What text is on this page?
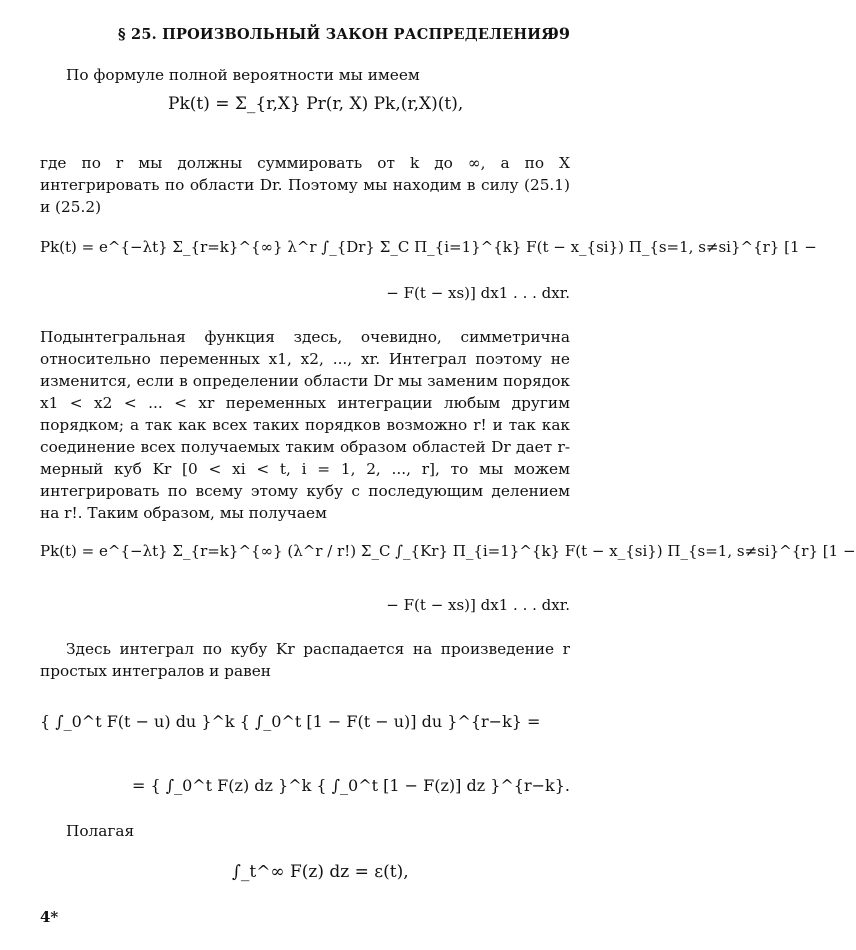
§ 25. ПРОИЗВОЛЬНЫЙ ЗАКОН РАСПРЕДЕЛЕНИЯ
99

По формуле полной вероятности мы имеем

Pk(t) = Σ_{r,X} Pr(r, X) Pk,(r,X)(t),

где по r мы должны суммировать от k до ∞, а по X интегрировать по области Dr. Поэтому мы находим в силу (25.1) и (25.2)

Pk(t) = e^{−λt} Σ_{r=k}^{∞} λ^r ∫_{Dr} Σ_C Π_{i=1}^{k} F(t − x_{si}) Π_{s=1, s≠si}^{r} [1 −
− F(t − xs)] dx1 . . . dxr.

Подынтегральная функция здесь, очевидно, симметрична относительно переменных x1, x2, ..., xr. Интеграл поэтому не изменится, если в определении области Dr мы заменим порядок x1 < x2 < ... < xr переменных интеграции любым другим порядком; а так как всех таких порядков возможно r! и так как соединение всех получаемых таким образом областей Dr дает r-мерный куб Kr [0 < xi < t, i = 1, 2, ..., r], то мы можем интегрировать по всему этому кубу с последующим делением на r!. Таким образом, мы получаем

Pk(t) = e^{−λt} Σ_{r=k}^{∞} (λ^r / r!) Σ_C ∫_{Kr} Π_{i=1}^{k} F(t − x_{si}) Π_{s=1, s≠si}^{r} [1 −
− F(t − xs)] dx1 . . . dxr.

Здесь интеграл по кубу Kr распадается на произведение r простых интегралов и равен

{ ∫_0^t F(t − u) du }^k { ∫_0^t [1 − F(t − u)] du }^{r−k} =
= { ∫_0^t F(z) dz }^k { ∫_0^t [1 − F(z)] dz }^{r−k}.

Полагая

∫_t^∞ F(z) dz = ε(t),
4*
